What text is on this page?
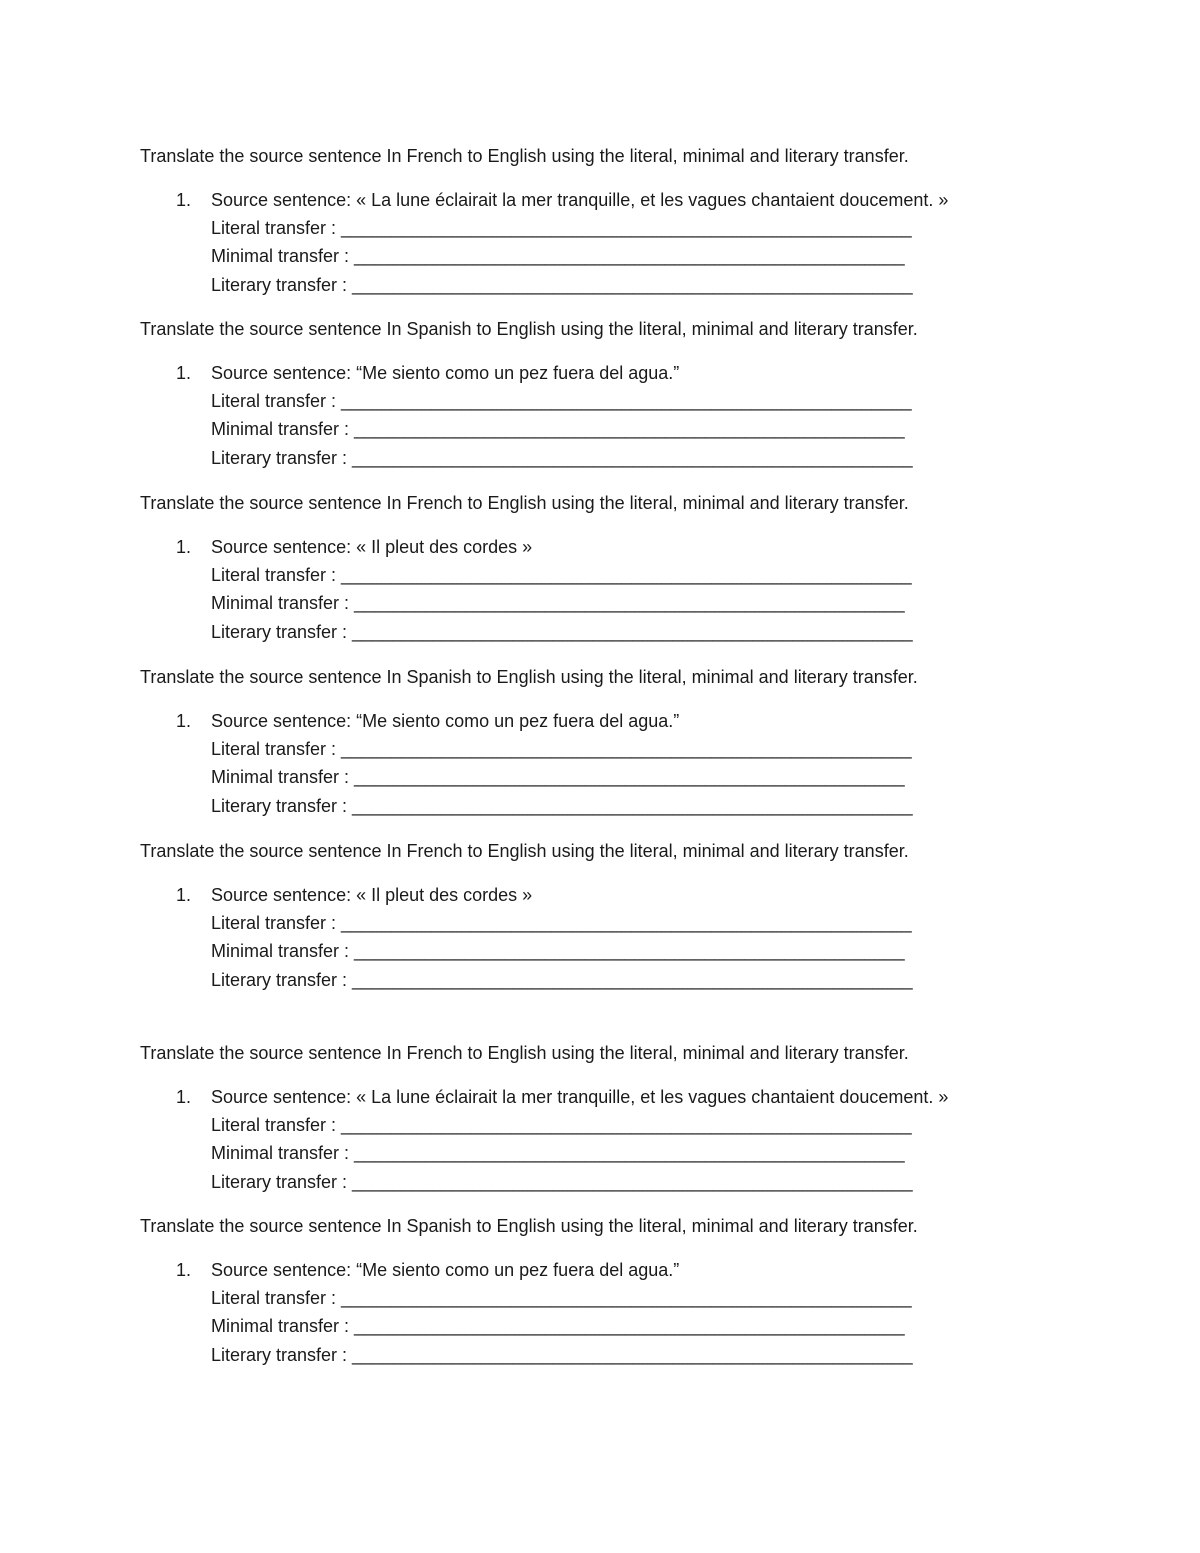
Translate the source sentence In French to English using the literal, minimal and literary transfer.
1. Source sentence: « La lune éclairait la mer tranquille, et les vagues chantaient doucement. »
Literal transfer : _________________________________________________________
Minimal transfer : _______________________________________________________
Literary transfer : ________________________________________________________
Translate the source sentence In Spanish to English using the literal, minimal and literary transfer.
1. Source sentence: “Me siento como un pez fuera del agua.”
Literal transfer : _________________________________________________________
Minimal transfer : _______________________________________________________
Literary transfer : ________________________________________________________
Translate the source sentence In French to English using the literal, minimal and literary transfer.
1. Source sentence: « Il pleut des cordes »
Literal transfer : _________________________________________________________
Minimal transfer : _______________________________________________________
Literary transfer : ________________________________________________________
Translate the source sentence In Spanish to English using the literal, minimal and literary transfer.
1. Source sentence: “Me siento como un pez fuera del agua.”
Literal transfer : _________________________________________________________
Minimal transfer : _______________________________________________________
Literary transfer : ________________________________________________________
Translate the source sentence In French to English using the literal, minimal and literary transfer.
1. Source sentence: « Il pleut des cordes »
Literal transfer : _________________________________________________________
Minimal transfer : _______________________________________________________
Literary transfer : ________________________________________________________
Translate the source sentence In French to English using the literal, minimal and literary transfer.
1. Source sentence: « La lune éclairait la mer tranquille, et les vagues chantaient doucement. »
Literal transfer : _________________________________________________________
Minimal transfer : _______________________________________________________
Literary transfer : ________________________________________________________
Translate the source sentence In Spanish to English using the literal, minimal and literary transfer.
1. Source sentence: “Me siento como un pez fuera del agua.”
Literal transfer : _________________________________________________________
Minimal transfer : _______________________________________________________
Literary transfer : ________________________________________________________
